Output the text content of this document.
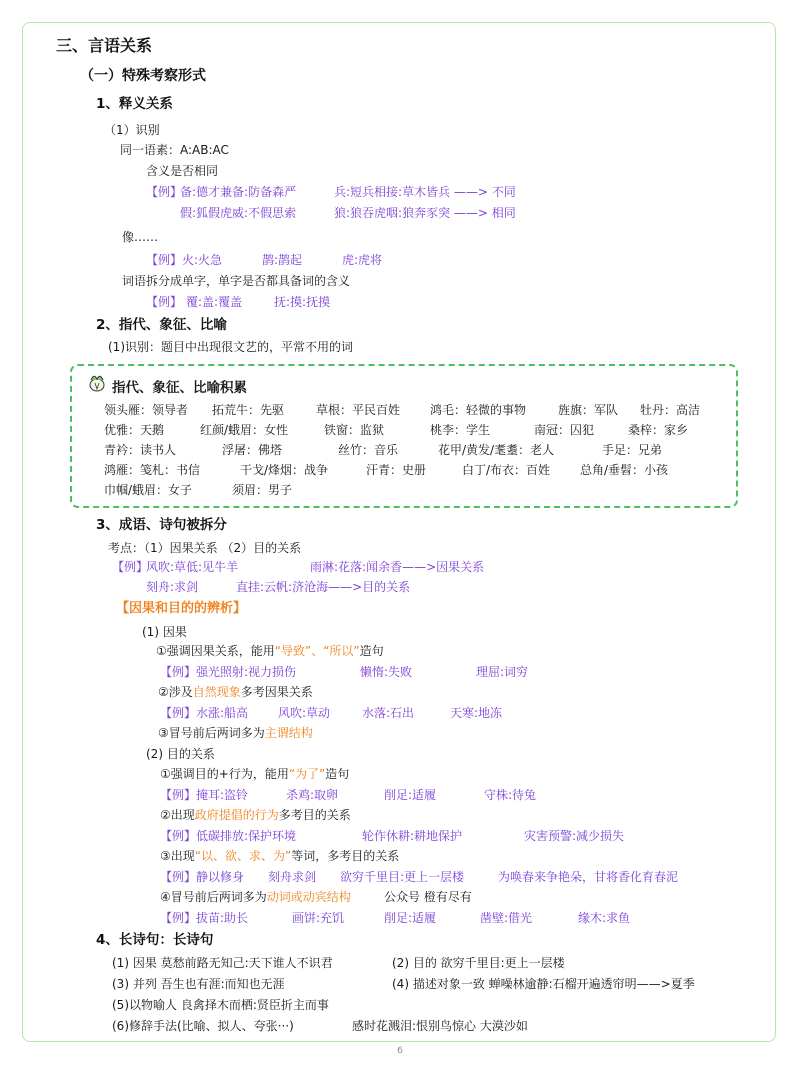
三、言语关系
（一）特殊考察形式
1、释义关系
（1）识别
同一语素：A:AB:AC
含义是否相同
【例】
备:德才兼备:防备森严	兵:短兵相接:草木皆兵 ——> 不同
假:狐假虎威:不假思索	狼:狼吞虎咽:狼奔豕突 ——> 相同
像……
【例】 火:火急	鹊:鹊起	虎:虎将
词语拆分成单字，单字是否都具备词的含义
【例】 覆:盖:覆盖	抚:摸:抚摸
2、指代、象征、比喻
(1)识别：题目中出现很文艺的，平常不用的词
指代、象征、比喻积累
领头雁：领导者 拓荒牛：先驱	草根：平民百姓 鸿毛：轻微的事物	旌旗：军队 牡丹：高洁
优雅：天鹅	红颜/蛾眉：女性	铁窗：监狱	桃李：学生	南冠：囚犯	桑梓：家乡
青衿：读书人	浮屠：佛塔	丝竹：音乐	花甲/黄发/耄耋：老人	手足：兄弟
鸿雁：笺札：书信	干戈/烽烟：战争	汗青：史册	白丁/布衣：百姓 总角/垂髫：小孩
巾帼/蛾眉：女子	须眉：男子
3、成语、诗句被拆分
考点：（1）因果关系 （2）目的关系
【例】
风吹:草低:见牛羊	雨淋:花落:闻余香——>因果关系
刻舟:求剑	直挂:云帆:济沧海——>目的关系
【因果和目的的辨析】
(1) 因果
①强调因果关系，能用“导致”、“所以”造句
【例】 强光照射:视力损伤	懒惰:失败	理屈:词穷
②涉及自然现象多考因果关系
【例】 水涨:船高 风吹:草动	水落:石出	天寒:地冻
③冒号前后两词多为主谓结构
(2) 目的关系
①强调目的+行为，能用“为了”造句
【例】 掩耳:盗铃	杀鸡:取卵	削足:适履	守株:待兔
②出现政府提倡的行为多考目的关系
【例】 低碳排放:保护环境	轮作休耕:耕地保护	灾害预警:减少损失
③出现“以、欲、求、为”等词，多考目的关系
【例】 静以修身 刻舟求剑 欲穷千里目:更上一层楼	为唤春来争艳朵，甘将香化育春泥
④冒号前后两词多为动词或动宾结构	公众号 橙有尽有
【例】 拔苗:助长	画饼:充饥	削足:适履	凿壁:借光	缘木:求鱼
4、长诗句：长诗句
(1) 因果 莫愁前路无知己:天下谁人不识君	(2) 目的 欲穷千里目:更上一层楼
(3) 并列 吾生也有涯:而知也无涯	(4) 描述对象一致 蝉噪林逾静:石榴开遍透帘明——>夏季
(5)以物喻人 良禽择木而栖:贤臣折主而事
(6)修辞手法(比喻、拟人、夸张···)	感时花溅泪:恨别鸟惊心 大漠沙如
6
